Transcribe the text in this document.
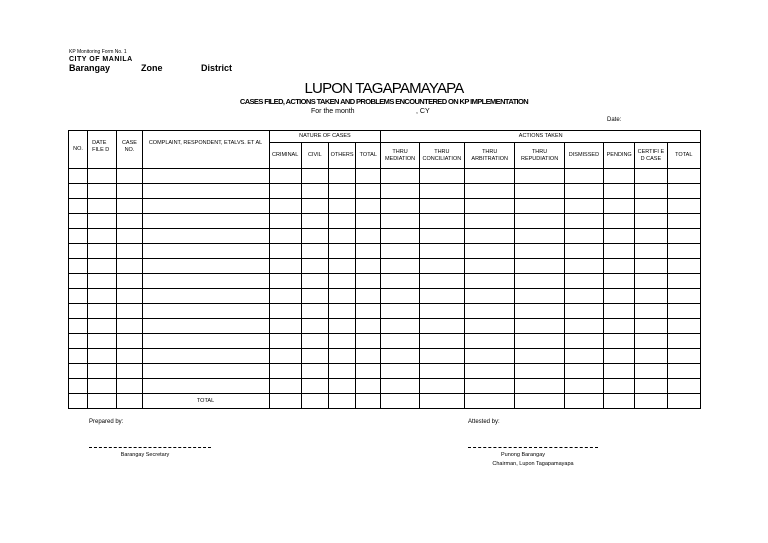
KP Monitoring Form No. 1
CITY OF MANILA
Barangay	Zone	District
LUPON TAGAPAMAYAPA
CASES FILED, ACTIONS TAKEN AND PROBLEMS ENCOUNTERED ON KP IMPLEMENTATION
For the month	, CY
Date:
NO.	DATE FILE D	CASE NO.	COMPLAINT, RESPONDENT, ETALVS. ET AL	NATURE OF CASES				ACTIONS TAKEN							
				CRIMINAL	CIVIL	OTHERS	TOTAL	THRU MEDIATION	THRU CONCILIATION	THRU ARBITRATION	THRU REPUDIATION	DISMISSED	PENDING	CERTIFI E D CASE	TOTAL

			TOTAL												
Prepared by:	Attested by:
Barangay Secretary	Punong Barangay
Chairman, Lupon Tagapamayapa
